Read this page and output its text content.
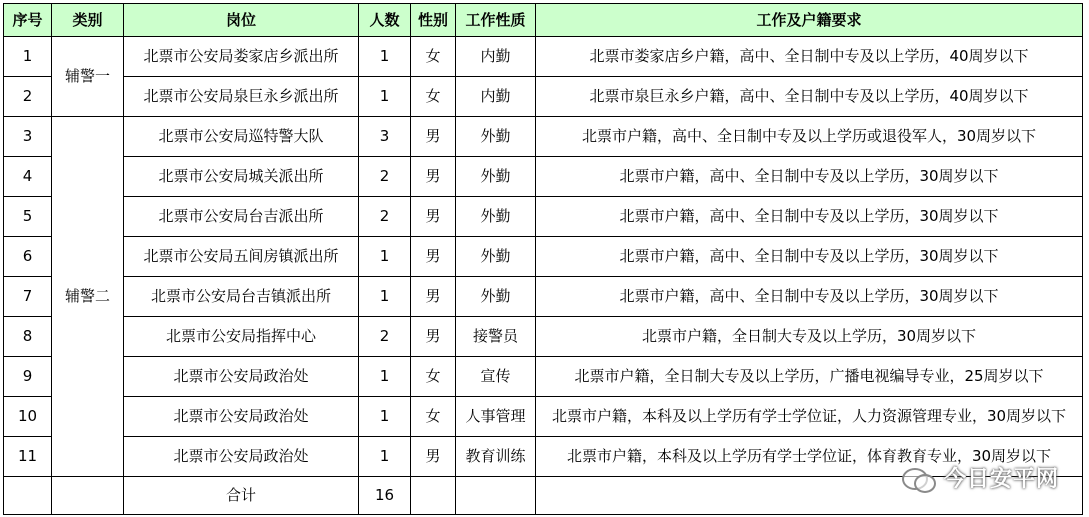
序号	类别	岗位	人数	性别	工作性质	工作及户籍要求
1	辅警一	北票市公安局娄家店乡派出所	1	女	内勤	北票市娄家店乡户籍，高中、全日制中专及以上学历，40周岁以下
2		北票市公安局泉巨永乡派出所	1	女	内勤	北票市泉巨永乡户籍，高中、全日制中专及以上学历，40周岁以下
3	辅警二	北票市公安局巡特警大队	3	男	外勤	北票市户籍，高中、全日制中专及以上学历或退役军人，30周岁以下
4		北票市公安局城关派出所	2	男	外勤	北票市户籍，高中、全日制中专及以上学历，30周岁以下
5		北票市公安局台吉派出所	2	男	外勤	北票市户籍，高中、全日制中专及以上学历，30周岁以下
6		北票市公安局五间房镇派出所	1	男	外勤	北票市户籍，高中、全日制中专及以上学历，30周岁以下
7		北票市公安局台吉镇派出所	1	男	外勤	北票市户籍，高中、全日制中专及以上学历，30周岁以下
8		北票市公安局指挥中心	2	男	接警员	北票市户籍，全日制大专及以上学历，30周岁以下
9		北票市公安局政治处	1	女	宣传	北票市户籍，全日制大专及以上学历，广播电视编导专业，25周岁以下
10		北票市公安局政治处	1	女	人事管理	北票市户籍，本科及以上学历有学士学位证，人力资源管理专业，30周岁以下
11		北票市公安局政治处	1	男	教育训练	北票市户籍，本科及以上学历有学士学位证，体育教育专业，30周岁以下
		合计	16			
今日安平网
